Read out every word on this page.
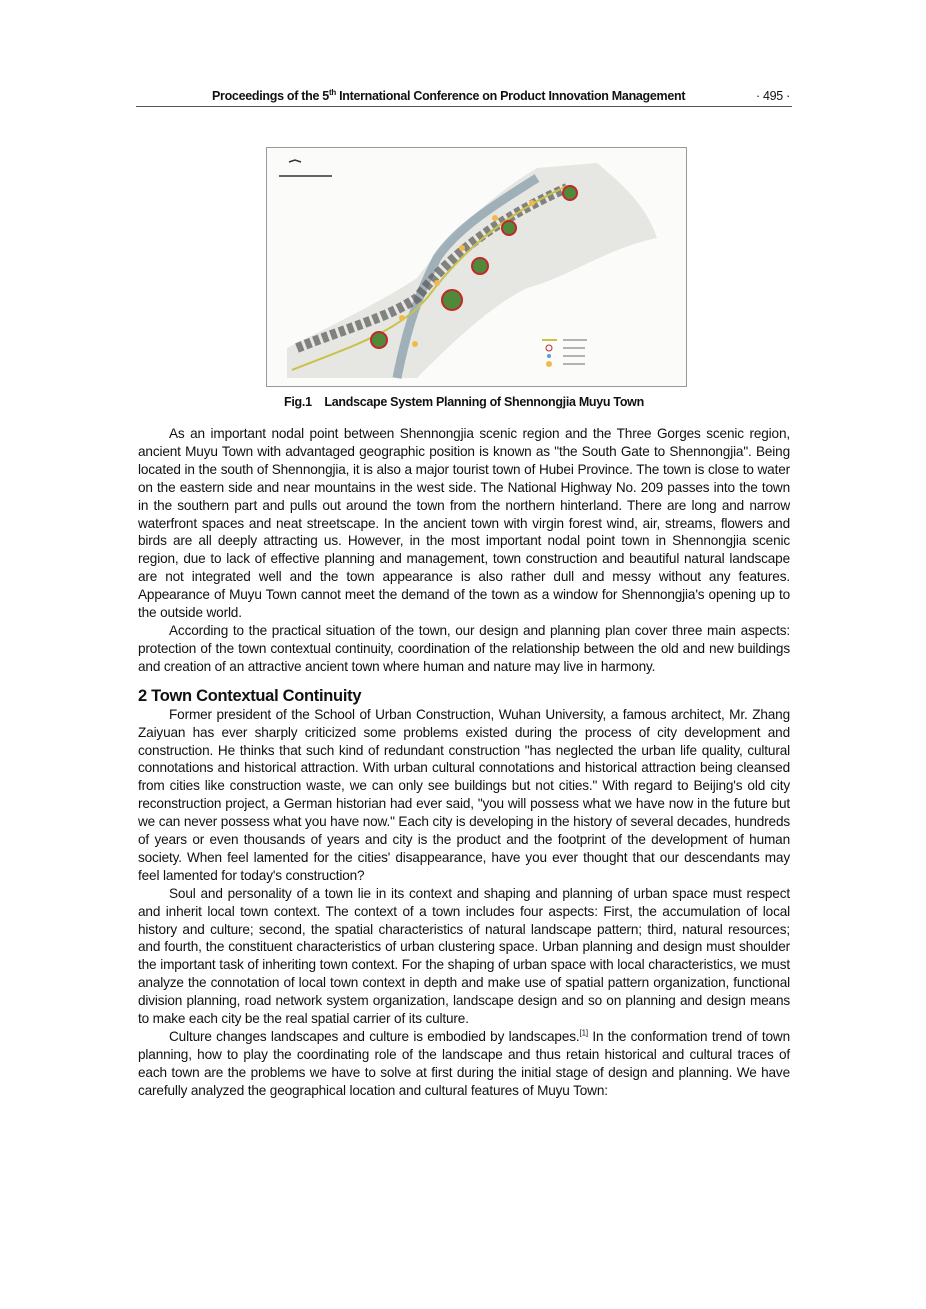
Proceedings of the 5th International Conference on Product Innovation Management	· 495 ·
Fig.1    Landscape System Planning of Shennongjia Muyu Town

As an important nodal point between Shennongjia scenic region and the Three Gorges scenic region, ancient Muyu Town with advantaged geographic position is known as "the South Gate to Shennongjia". Being located in the south of Shennongjia, it is also a major tourist town of Hubei Province. The town is close to water on the eastern side and near mountains in the west side. The National Highway No. 209 passes into the town in the southern part and pulls out around the town from the northern hinterland. There are long and narrow waterfront spaces and neat streetscape. In the ancient town with virgin forest wind, air, streams, flowers and birds are all deeply attracting us. However, in the most important nodal point town in Shennongjia scenic region, due to lack of effective planning and management, town construction and beautiful natural landscape are not integrated well and the town appearance is also rather dull and messy without any features. Appearance of Muyu Town cannot meet the demand of the town as a window for Shennongjia's opening up to the outside world.

According to the practical situation of the town, our design and planning plan cover three main aspects: protection of the town contextual continuity, coordination of the relationship between the old and new buildings and creation of an attractive ancient town where human and nature may live in harmony.

2 Town Contextual Continuity

Former president of the School of Urban Construction, Wuhan University, a famous architect, Mr. Zhang Zaiyuan has ever sharply criticized some problems existed during the process of city development and construction. He thinks that such kind of redundant construction "has neglected the urban life quality, cultural connotations and historical attraction. With urban cultural connotations and historical attraction being cleansed from cities like construction waste, we can only see buildings but not cities." With regard to Beijing's old city reconstruction project, a German historian had ever said, "you will possess what we have now in the future but we can never possess what you have now." Each city is developing in the history of several decades, hundreds of years or even thousands of years and city is the product and the footprint of the development of human society. When feel lamented for the cities' disappearance, have you ever thought that our descendants may feel lamented for today's construction?

Soul and personality of a town lie in its context and shaping and planning of urban space must respect and inherit local town context. The context of a town includes four aspects: First, the accumulation of local history and culture; second, the spatial characteristics of natural landscape pattern; third, natural resources; and fourth, the constituent characteristics of urban clustering space. Urban planning and design must shoulder the important task of inheriting town context. For the shaping of urban space with local characteristics, we must analyze the connotation of local town context in depth and make use of spatial pattern organization, functional division planning, road network system organization, landscape design and so on planning and design means to make each city be the real spatial carrier of its culture.

Culture changes landscapes and culture is embodied by landscapes.[1] In the conformation trend of town planning, how to play the coordinating role of the landscape and thus retain historical and cultural traces of each town are the problems we have to solve at first during the initial stage of design and planning. We have carefully analyzed the geographical location and cultural features of Muyu Town:
